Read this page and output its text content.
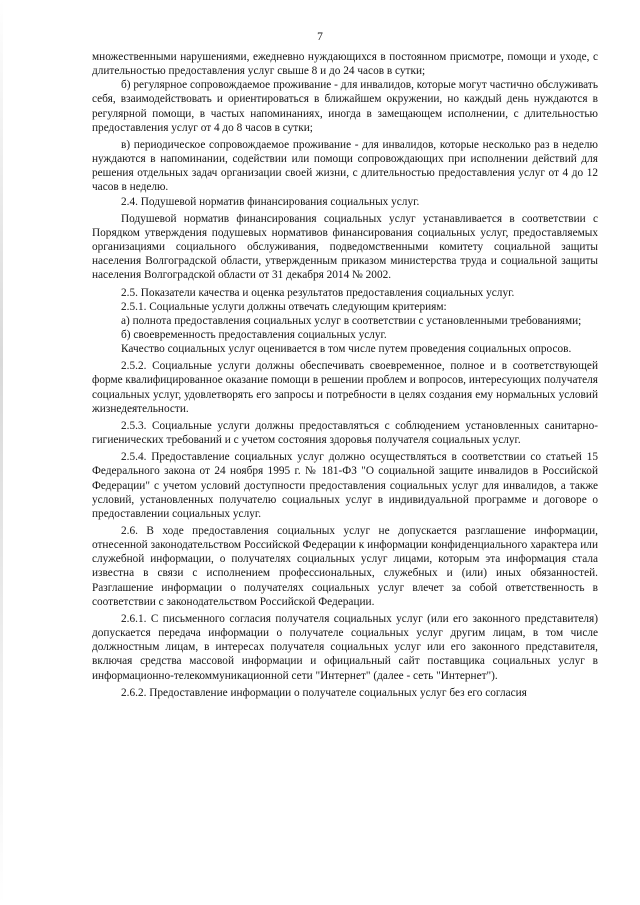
7

множественными нарушениями, ежедневно нуждающихся в постоянном присмотре, помощи и уходе, с длительностью предоставления услуг свыше 8 и до 24 часов в сутки;

б) регулярное сопровождаемое проживание - для инвалидов, которые могут частично обслуживать себя, взаимодействовать и ориентироваться в ближайшем окружении, но каждый день нуждаются в регулярной помощи, в частых напоминаниях, иногда в замещающем исполнении, с длительностью предоставления услуг от 4 до 8 часов в сутки;

в) периодическое сопровождаемое проживание - для инвалидов, которые несколько раз в неделю нуждаются в напоминании, содействии или помощи сопровождающих при исполнении действий для решения отдельных задач организации своей жизни, с длительностью предоставления услуг от 4 до 12 часов в неделю.

2.4. Подушевой норматив финансирования социальных услуг.

Подушевой норматив финансирования социальных услуг устанавливается в соответствии с Порядком утверждения подушевых нормативов финансирования социальных услуг, предоставляемых организациями социального обслуживания, подведомственными комитету социальной защиты населения Волгоградской области, утвержденным приказом министерства труда и социальной защиты населения Волгоградской области от 31 декабря 2014 № 2002.

2.5. Показатели качества и оценка результатов предоставления социальных услуг.

2.5.1. Социальные услуги должны отвечать следующим критериям:

а) полнота предоставления социальных услуг в соответствии с установленными требованиями;

б) своевременность предоставления социальных услуг.

Качество социальных услуг оценивается в том числе путем проведения социальных опросов.

2.5.2. Социальные услуги должны обеспечивать своевременное, полное и в соответствующей форме квалифицированное оказание помощи в решении проблем и вопросов, интересующих получателя социальных услуг, удовлетворять его запросы и потребности в целях создания ему нормальных условий жизнедеятельности.

2.5.3. Социальные услуги должны предоставляться с соблюдением установленных санитарно-гигиенических требований и с учетом состояния здоровья получателя социальных услуг.

2.5.4. Предоставление социальных услуг должно осуществляться в соответствии со статьей 15 Федерального закона от 24 ноября 1995 г. № 181-ФЗ "О социальной защите инвалидов в Российской Федерации" с учетом условий доступности предоставления социальных услуг для инвалидов, а также условий, установленных получателю социальных услуг в индивидуальной программе и договоре о предоставлении социальных услуг.

2.6. В ходе предоставления социальных услуг не допускается разглашение информации, отнесенной законодательством Российской Федерации к информации конфиденциального характера или служебной информации, о получателях социальных услуг лицами, которым эта информация стала известна в связи с исполнением профессиональных, служебных и (или) иных обязанностей. Разглашение информации о получателях социальных услуг влечет за собой ответственность в соответствии с законодательством Российской Федерации.

2.6.1. С письменного согласия получателя социальных услуг (или его законного представителя) допускается передача информации о получателе социальных услуг другим лицам, в том числе должностным лицам, в интересах получателя социальных услуг или его законного представителя, включая средства массовой информации и официальный сайт поставщика социальных услуг в информационно-телекоммуникационной сети "Интернет" (далее - сеть "Интернет").

2.6.2. Предоставление информации о получателе социальных услуг без его согласия
